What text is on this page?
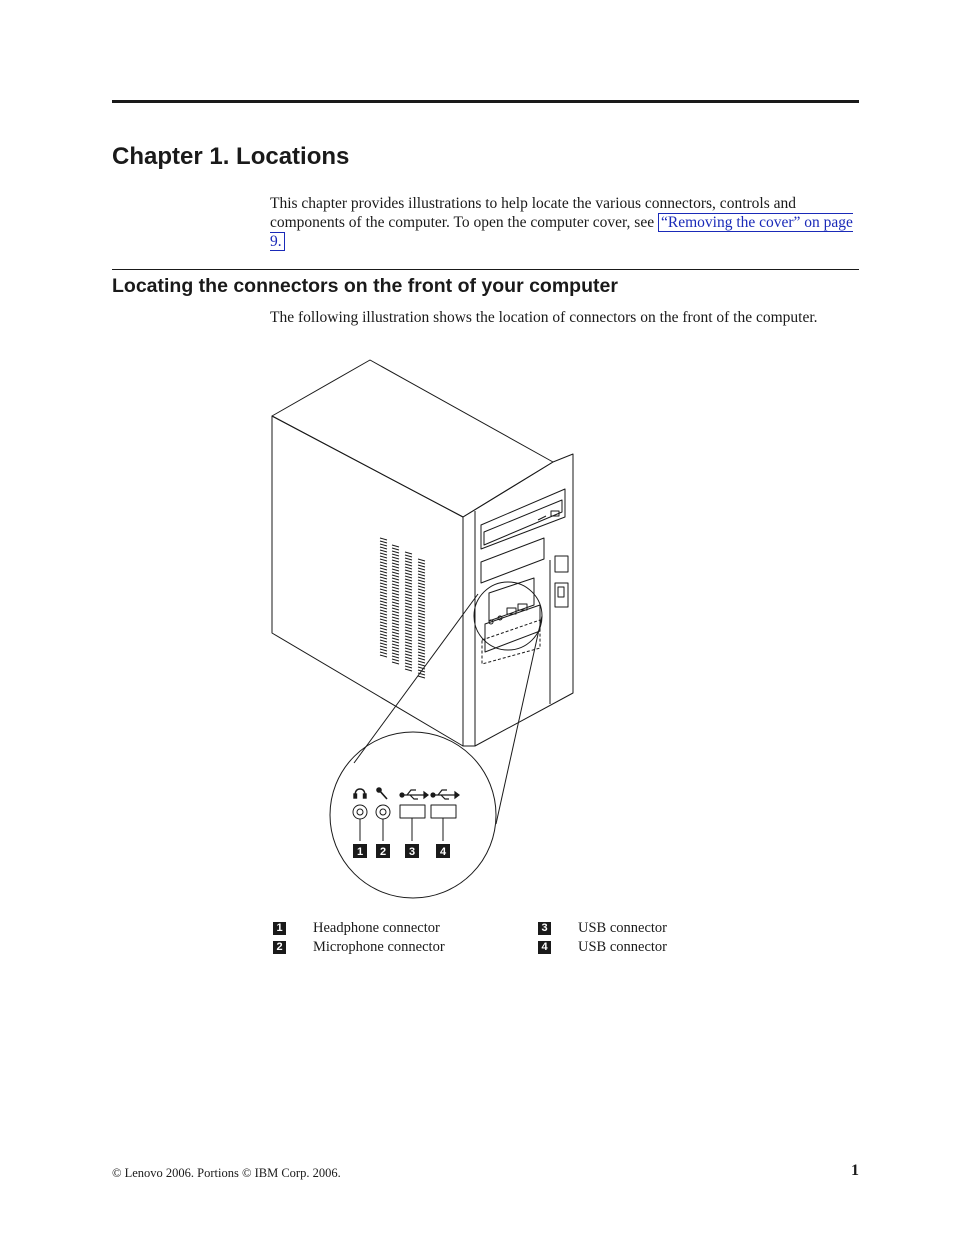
Chapter 1. Locations

This chapter provides illustrations to help locate the various connectors, controls and components of the computer. To open the computer cover, see “Removing the cover” on page 9.

Locating the connectors on the front of your computer

The following illustration shows the location of connectors on the front of the computer.

1 2 3 4
1 Headphone connector
2 Microphone connector
3 USB connector
4 USB connector
© Lenovo 2006. Portions © IBM Corp. 2006.	1
